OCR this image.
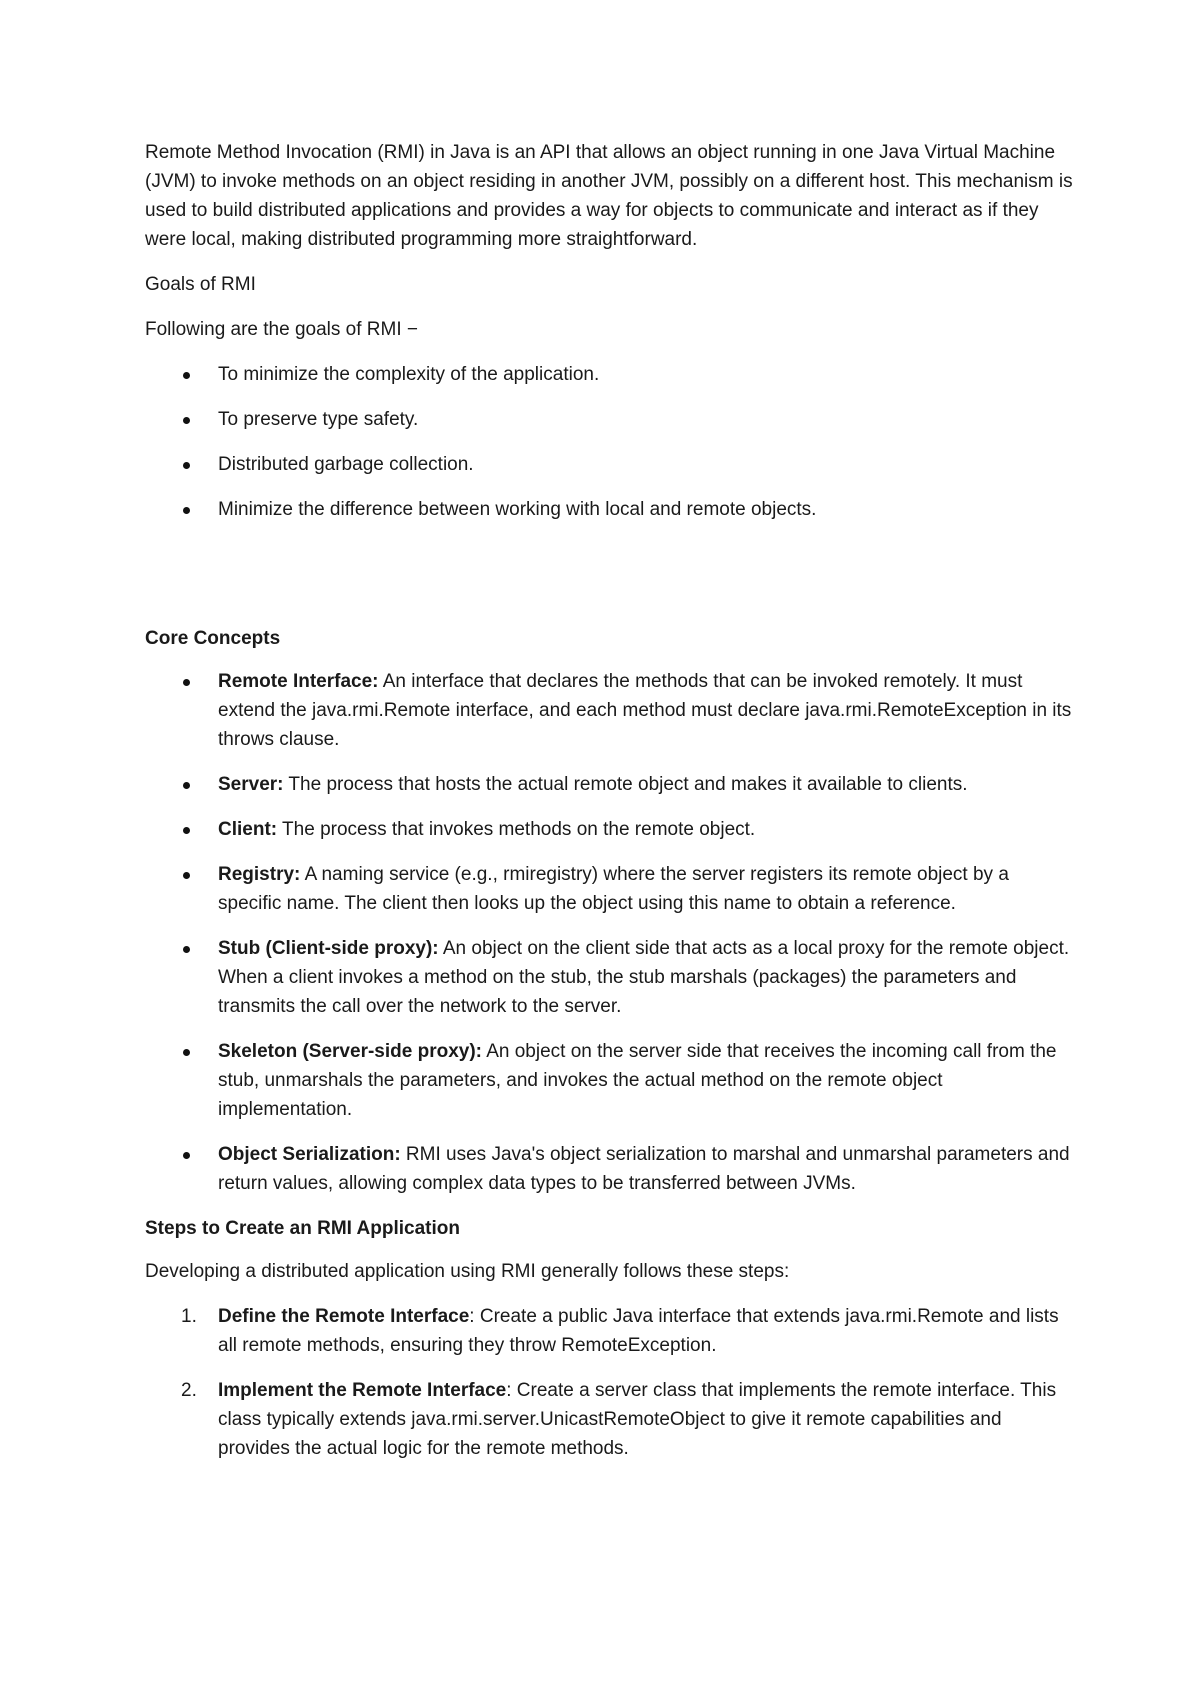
Remote Method Invocation (RMI) in Java is an API that allows an object running in one Java Virtual Machine (JVM) to invoke methods on an object residing in another JVM, possibly on a different host. This mechanism is used to build distributed applications and provides a way for objects to communicate and interact as if they were local, making distributed programming more straightforward.

Goals of RMI

Following are the goals of RMI −

To minimize the complexity of the application.
To preserve type safety.
Distributed garbage collection.
Minimize the difference between working with local and remote objects.

Core Concepts

Remote Interface: An interface that declares the methods that can be invoked remotely. It must extend the java.rmi.Remote interface, and each method must declare java.rmi.RemoteException in its throws clause.
Server: The process that hosts the actual remote object and makes it available to clients.
Client: The process that invokes methods on the remote object.
Registry: A naming service (e.g., rmiregistry) where the server registers its remote object by a specific name. The client then looks up the object using this name to obtain a reference.
Stub (Client-side proxy): An object on the client side that acts as a local proxy for the remote object. When a client invokes a method on the stub, the stub marshals (packages) the parameters and transmits the call over the network to the server.
Skeleton (Server-side proxy): An object on the server side that receives the incoming call from the stub, unmarshals the parameters, and invokes the actual method on the remote object implementation.
Object Serialization: RMI uses Java's object serialization to marshal and unmarshal parameters and return values, allowing complex data types to be transferred between JVMs.

Steps to Create an RMI Application

Developing a distributed application using RMI generally follows these steps:

1. Define the Remote Interface: Create a public Java interface that extends java.rmi.Remote and lists all remote methods, ensuring they throw RemoteException.
2. Implement the Remote Interface: Create a server class that implements the remote interface. This class typically extends java.rmi.server.UnicastRemoteObject to give it remote capabilities and provides the actual logic for the remote methods.
